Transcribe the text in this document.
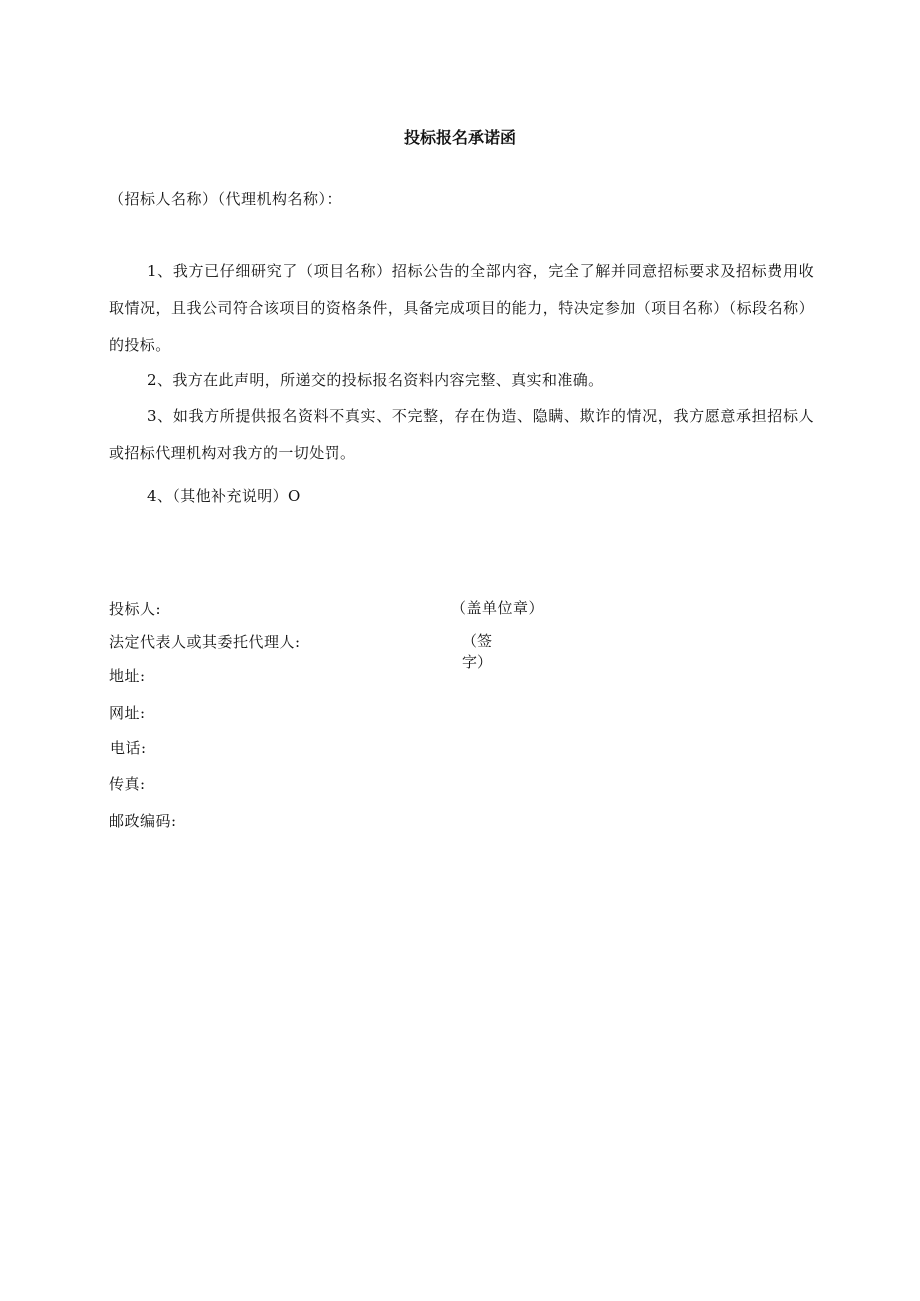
投标报名承诺函
（招标人名称）（代理机构名称）：
1、我方已仔细研究了（项目名称）招标公告的全部内容，完全了解并同意招标要求及招标费用收取情况，且我公司符合该项目的资格条件，具备完成项目的能力，特决定参加（项目名称）（标段名称）的投标。
2、我方在此声明，所递交的投标报名资料内容完整、真实和准确。
3、如我方所提供报名资料不真实、不完整，存在伪造、隐瞒、欺诈的情况，我方愿意承担招标人或招标代理机构对我方的一切处罚。
4、（其他补充说明）O
投标人:	（盖单位章）
法定代表人或其委托代理人:	（签字）
地址:
网址:
电话:
传真:
邮政编码:
